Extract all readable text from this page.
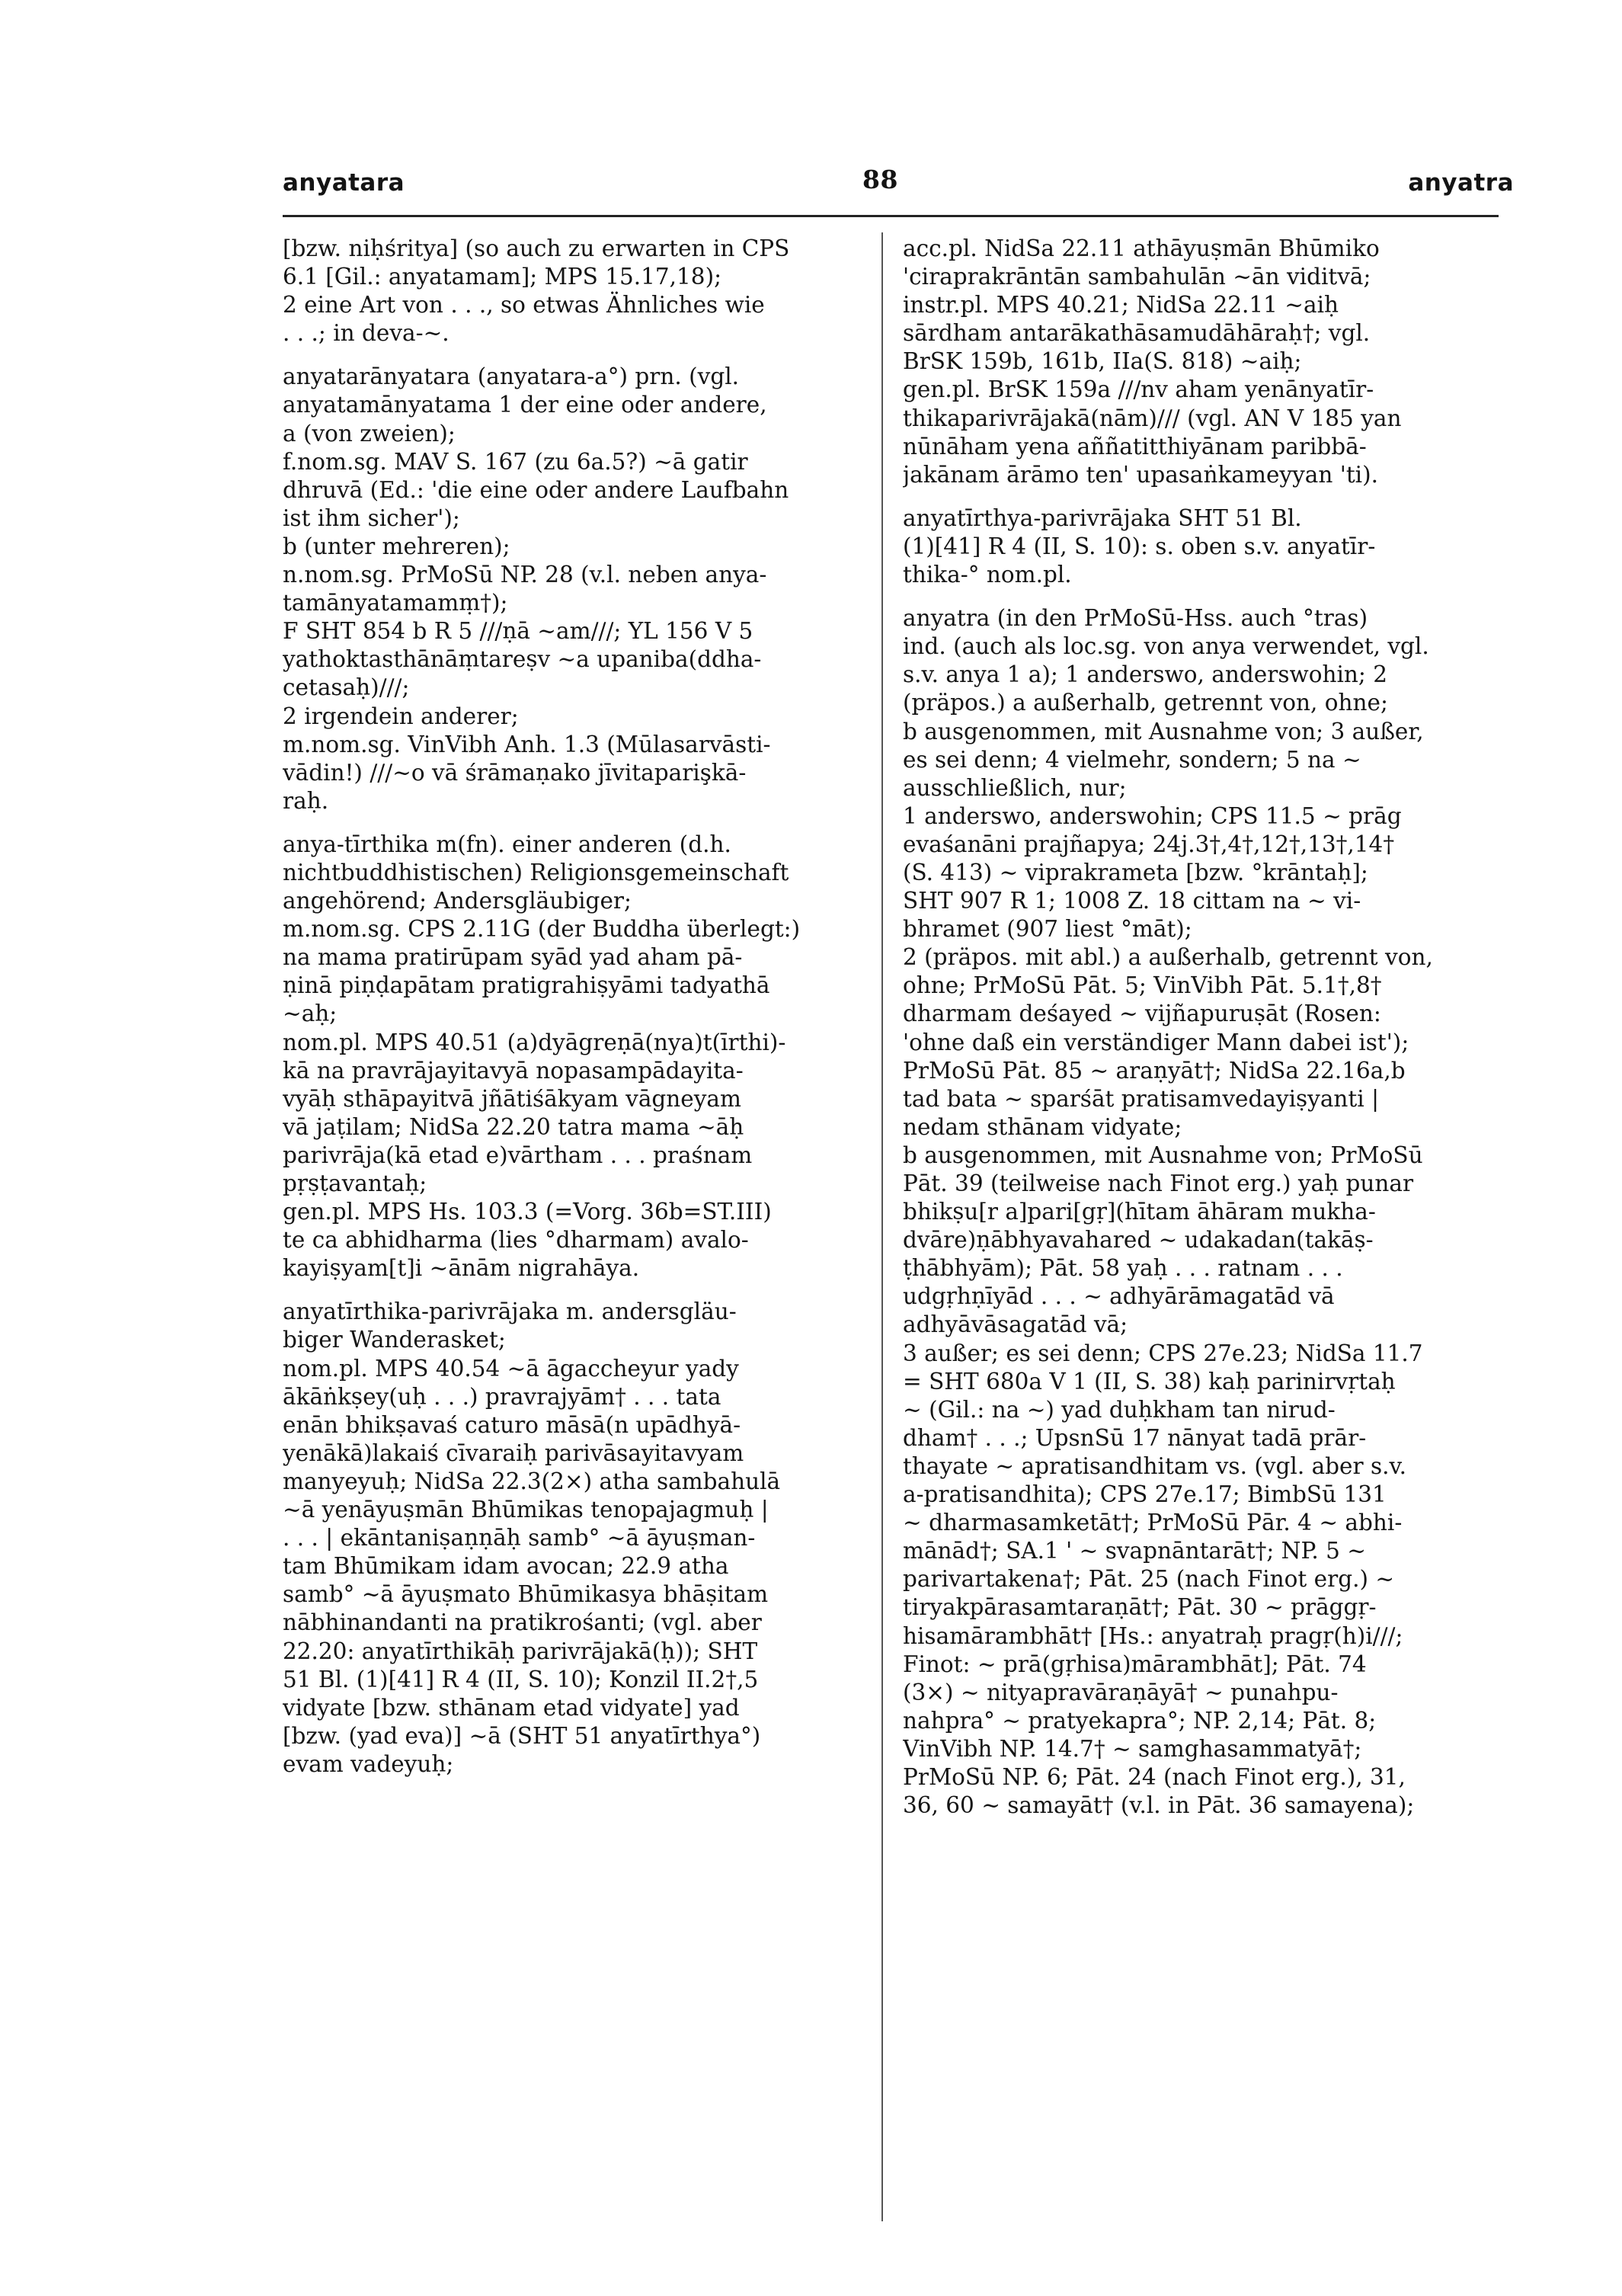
anyatara	88	anyatra
[bzw. niḥśritya] (so auch zu erwarten in CPS
6.1 [Gil.: anyatamam]; MPS 15.17,18);
2 eine Art von . . ., so etwas Ähnliches wie
. . .; in deva-~.
anyatarānyatara (anyatara-a°) prn. (vgl.
anyatamānyatama 1 der eine oder andere,
a (von zweien);
f.nom.sg. MAV S. 167 (zu 6a.5?) ~ā gatir
dhruvā (Ed.: 'die eine oder andere Laufbahn
ist ihm sicher');
b (unter mehreren);
n.nom.sg. PrMoSū NP. 28 (v.l. neben anya-
tamānyatamamṃ†);
F SHT 854 b R 5 ///ṇā ~am///; YL 156 V 5
yathoktasthānāṃtareṣv ~a upaniba(ddha-
cetasaḥ)///;
2 irgendein anderer;
m.nom.sg. VinVibh Anh. 1.3 (Mūlasarvāsti-
vādin!) ///~o vā śrāmaṇako jīvitaparişkā-
raḥ.
anya-tīrthika m(fn). einer anderen (d.h.
nichtbuddhistischen) Religionsgemeinschaft
angehörend; Andersgläubiger;
m.nom.sg. CPS 2.11G (der Buddha überlegt:)
na mama pratirūpam syād yad aham pā-
ṇinā piṇḍapātam pratigrahiṣyāmi tadyathā
~aḥ;
nom.pl. MPS 40.51 (a)dyāgreṇā(nya)t(īrthi)-
kā na pravrājayitavyā nopasampādayita-
vyāḥ sthāpayitvā jñātiśākyam vāgneyam
vā jaṭilam; NidSa 22.20 tatra mama ~āḥ
parivrāja(kā etad e)vārtham . . . praśnam
pṛṣṭavantaḥ;
gen.pl. MPS Hs. 103.3 (=Vorg. 36b=ST.III)
te ca abhidharma (lies °dharmam) avalo-
kayiṣyam[t]i ~ānām nigrahāya.
anyatīrthika-parivrājaka m. andersgläu-
biger Wanderasket;
nom.pl. MPS 40.54 ~ā āgaccheyur yady
ākāṅkṣey(uḥ . . .) pravrajyām† . . . tata
enān bhikṣavaś caturo māsā(n upādhyā-
yenākā)lakaiś cīvaraiḥ parivāsayitavyam
manyeyuḥ; NidSa 22.3(2×) atha sambahulā
~ā yenāyuṣmān Bhūmikas tenopajagmuḥ |
. . . | ekāntaniṣaṇṇāḥ samb° ~ā āyuṣman-
tam Bhūmikam idam avocan; 22.9 atha
samb° ~ā āyuṣmato Bhūmikasya bhāṣitam
nābhinandanti na pratikrośanti; (vgl. aber
22.20: anyatīrthikāḥ parivrājakā(ḥ)); SHT
51 Bl. (1)[41] R 4 (II, S. 10); Konzil II.2†,5
vidyate [bzw. sthānam etad vidyate] yad
[bzw. (yad eva)] ~ā (SHT 51 anyatīrthya°)
evam vadeyuḥ;
acc.pl. NidSa 22.11 athāyuṣmān Bhūmiko
'ciraprakrāntān sambahulān ~ān viditvā;
instr.pl. MPS 40.21; NidSa 22.11 ~aiḥ
sārdham antarākathāsamudāhāraḥ†; vgl.
BrSK 159b, 161b, IIa(S. 818) ~aiḥ;
gen.pl. BrSK 159a ///nv aham yenānyatīr-
thikaparivrājakā(nām)/// (vgl. AN V 185 yan
nūnāham yena aññatitthiyānam paribbā-
jakānam ārāmo ten' upasaṅkameyyan 'ti).
anyatīrthya-parivrājaka SHT 51 Bl.
(1)[41] R 4 (II, S. 10): s. oben s.v. anyatīr-
thika-° nom.pl.
anyatra (in den PrMoSū-Hss. auch °tras)
ind. (auch als loc.sg. von anya verwendet, vgl.
s.v. anya 1 a); 1 anderswo, anderswohin; 2
(präpos.) a außerhalb, getrennt von, ohne;
b ausgenommen, mit Ausnahme von; 3 außer,
es sei denn; 4 vielmehr, sondern; 5 na ~
ausschließlich, nur;
1 anderswo, anderswohin; CPS 11.5 ~ prāg
evaśanāni prajñapya; 24j.3†,4†,12†,13†,14†
(S. 413) ~ viprakrameta [bzw. °krāntaḥ];
SHT 907 R 1; 1008 Z. 18 cittam na ~ vi-
bhramet (907 liest °māt);
2 (präpos. mit abl.) a außerhalb, getrennt von,
ohne; PrMoSū Pāt. 5; VinVibh Pāt. 5.1†,8†
dharmam deśayed ~ vijñapuruṣāt (Rosen:
'ohne daß ein verständiger Mann dabei ist');
PrMoSū Pāt. 85 ~ araṇyāt†; NidSa 22.16a,b
tad bata ~ sparśāt pratisamvedayiṣyanti |
nedam sthānam vidyate;
b ausgenommen, mit Ausnahme von; PrMoSū
Pāt. 39 (teilweise nach Finot erg.) yaḥ punar
bhikṣu[r a]pari[gṛ](hītam āhāram mukha-
dvāre)ṇābhyavahared ~ udakadan(takāṣ-
ṭhābhyām); Pāt. 58 yaḥ . . . ratnam . . .
udgṛhṇīyād . . . ~ adhyārāmagatād vā
adhyāvāsagatād vā;
3 außer; es sei denn; CPS 27e.23; NidSa 11.7
= SHT 680a V 1 (II, S. 38) kaḥ parinirvṛtaḥ
~ (Gil.: na ~) yad duḥkham tan nirud-
dham† . . .; UpsnSū 17 nānyat tadā prār-
thayate ~ apratisandhitam vs. (vgl. aber s.v.
a-pratisandhita); CPS 27e.17; BimbSū 131
~ dharmasamketāt†; PrMoSū Pār. 4 ~ abhi-
mānād†; SA.1 ' ~ svapnāntarāt†; NP. 5 ~
parivartakena†; Pāt. 25 (nach Finot erg.) ~
tiryakpārasamtaraṇāt†; Pāt. 30 ~ prāggṛ-
hisamārambhāt† [Hs.: anyatraḥ pragṛ(h)i///;
Finot: ~ prā(gṛhisa)mārambhāt]; Pāt. 74
(3×) ~ nityapravāraṇāyā† ~ punahpu-
nahpra° ~ pratyekapra°; NP. 2,14; Pāt. 8;
VinVibh NP. 14.7† ~ samghasammatyā†;
PrMoSū NP. 6; Pāt. 24 (nach Finot erg.), 31,
36, 60 ~ samayāt† (v.l. in Pāt. 36 samayena);
